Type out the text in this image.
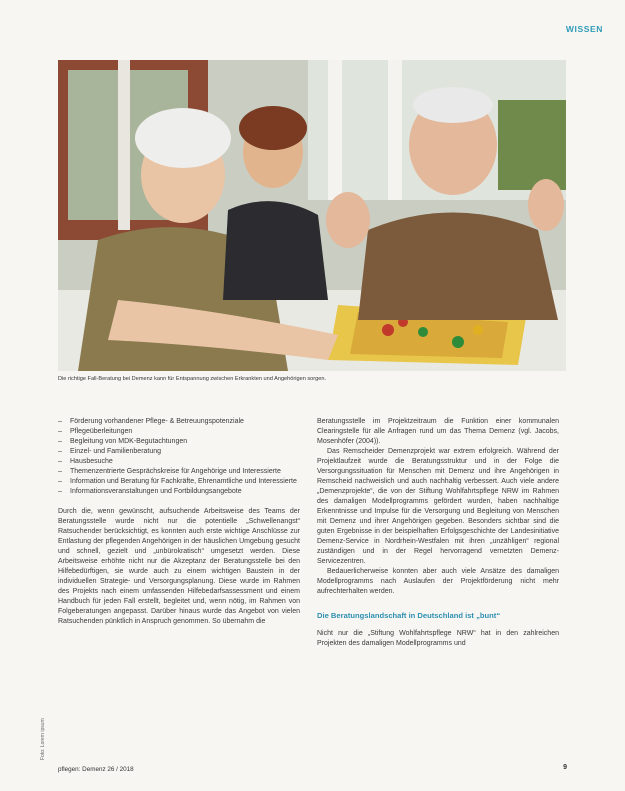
WISSEN
Die richtige Fall-Beratung bei Demenz kann für Entspannung zwischen Erkrankten und Angehörigen sorgen.
Foto: Lorem ipsum
– Förderung vorhandener Pflege- & Betreuungspotenziale
– Pflegeüberleitungen
– Begleitung von MDK-Begutachtungen
– Einzel- und Familienberatung
– Hausbesuche
– Themenzentrierte Gesprächskreise für Angehörige und Interessierte
– Information und Beratung für Fachkräfte, Ehrenamtliche und Interessierte
– Informationsveranstaltungen und Fortbildungsangebote

Durch die, wenn gewünscht, aufsuchende Arbeitsweise des Teams der Beratungsstelle wurde nicht nur die potentielle „Schwellenangst“ Ratsuchender berücksichtigt, es konnten auch erste wichtige Anschlüsse zur Entlastung der pflegenden Angehörigen in der häuslichen Umgebung gesucht und schnell, gezielt und „unbürokratisch“ umgesetzt werden. Diese Arbeitsweise erhöhte nicht nur die Akzeptanz der Beratungsstelle bei den Hilfebedürftigen, sie wurde auch zu einem wichtigen Baustein in der individuellen Strategie- und Versorgungsplanung. Diese wurde im Rahmen des Projekts nach einem umfassenden Hilfebedarfsassessment und einem Handbuch für jeden Fall erstellt, begleitet und, wenn nötig, im Rahmen von Folgeberatungen angepasst. Darüber hinaus wurde das Angebot von vielen Ratsuchenden pünktlich in Anspruch genommen. So übernahm die

Beratungsstelle im Projektzeitraum die Funktion einer kommunalen Clearingstelle für alle Anfragen rund um das Thema Demenz (vgl. Jacobs, Mosenhöfer (2004)).

Das Remscheider Demenzprojekt war extrem erfolgreich. Während der Projektlaufzeit wurde die Beratungsstruktur und in der Folge die Versorgungssituation für Menschen mit Demenz und ihre Angehörigen in Remscheid nachweislich und auch nachhaltig verbessert. Auch viele andere „Demenzprojekte“, die von der Stiftung Wohlfahrtspflege NRW im Rahmen des damaligen Modellprogramms gefördert wurden, haben nachhaltige Erkenntnisse und Impulse für die Versorgung und Begleitung von Menschen mit Demenz und ihrer Angehörigen gegeben. Besonders sichtbar sind die guten Ergebnisse in der beispielhaften Erfolgsgeschichte der Landesinitiative Demenz-Service in Nordrhein-Westfalen mit ihren „unzähligen“ regional zuständigen und in der Regel hervorragend vernetzten Demenz-Servicezentren.

Bedauerlicherweise konnten aber auch viele Ansätze des damaligen Modellprogramms nach Auslaufen der Projektförderung nicht mehr aufrechterhalten werden.

Die Beratungslandschaft in Deutschland ist „bunt“

Nicht nur die „Stiftung Wohlfahrtspflege NRW“ hat in den zahlreichen Projekten des damaligen Modellprogramms und

pflegen: Demenz 26 / 2018	9
